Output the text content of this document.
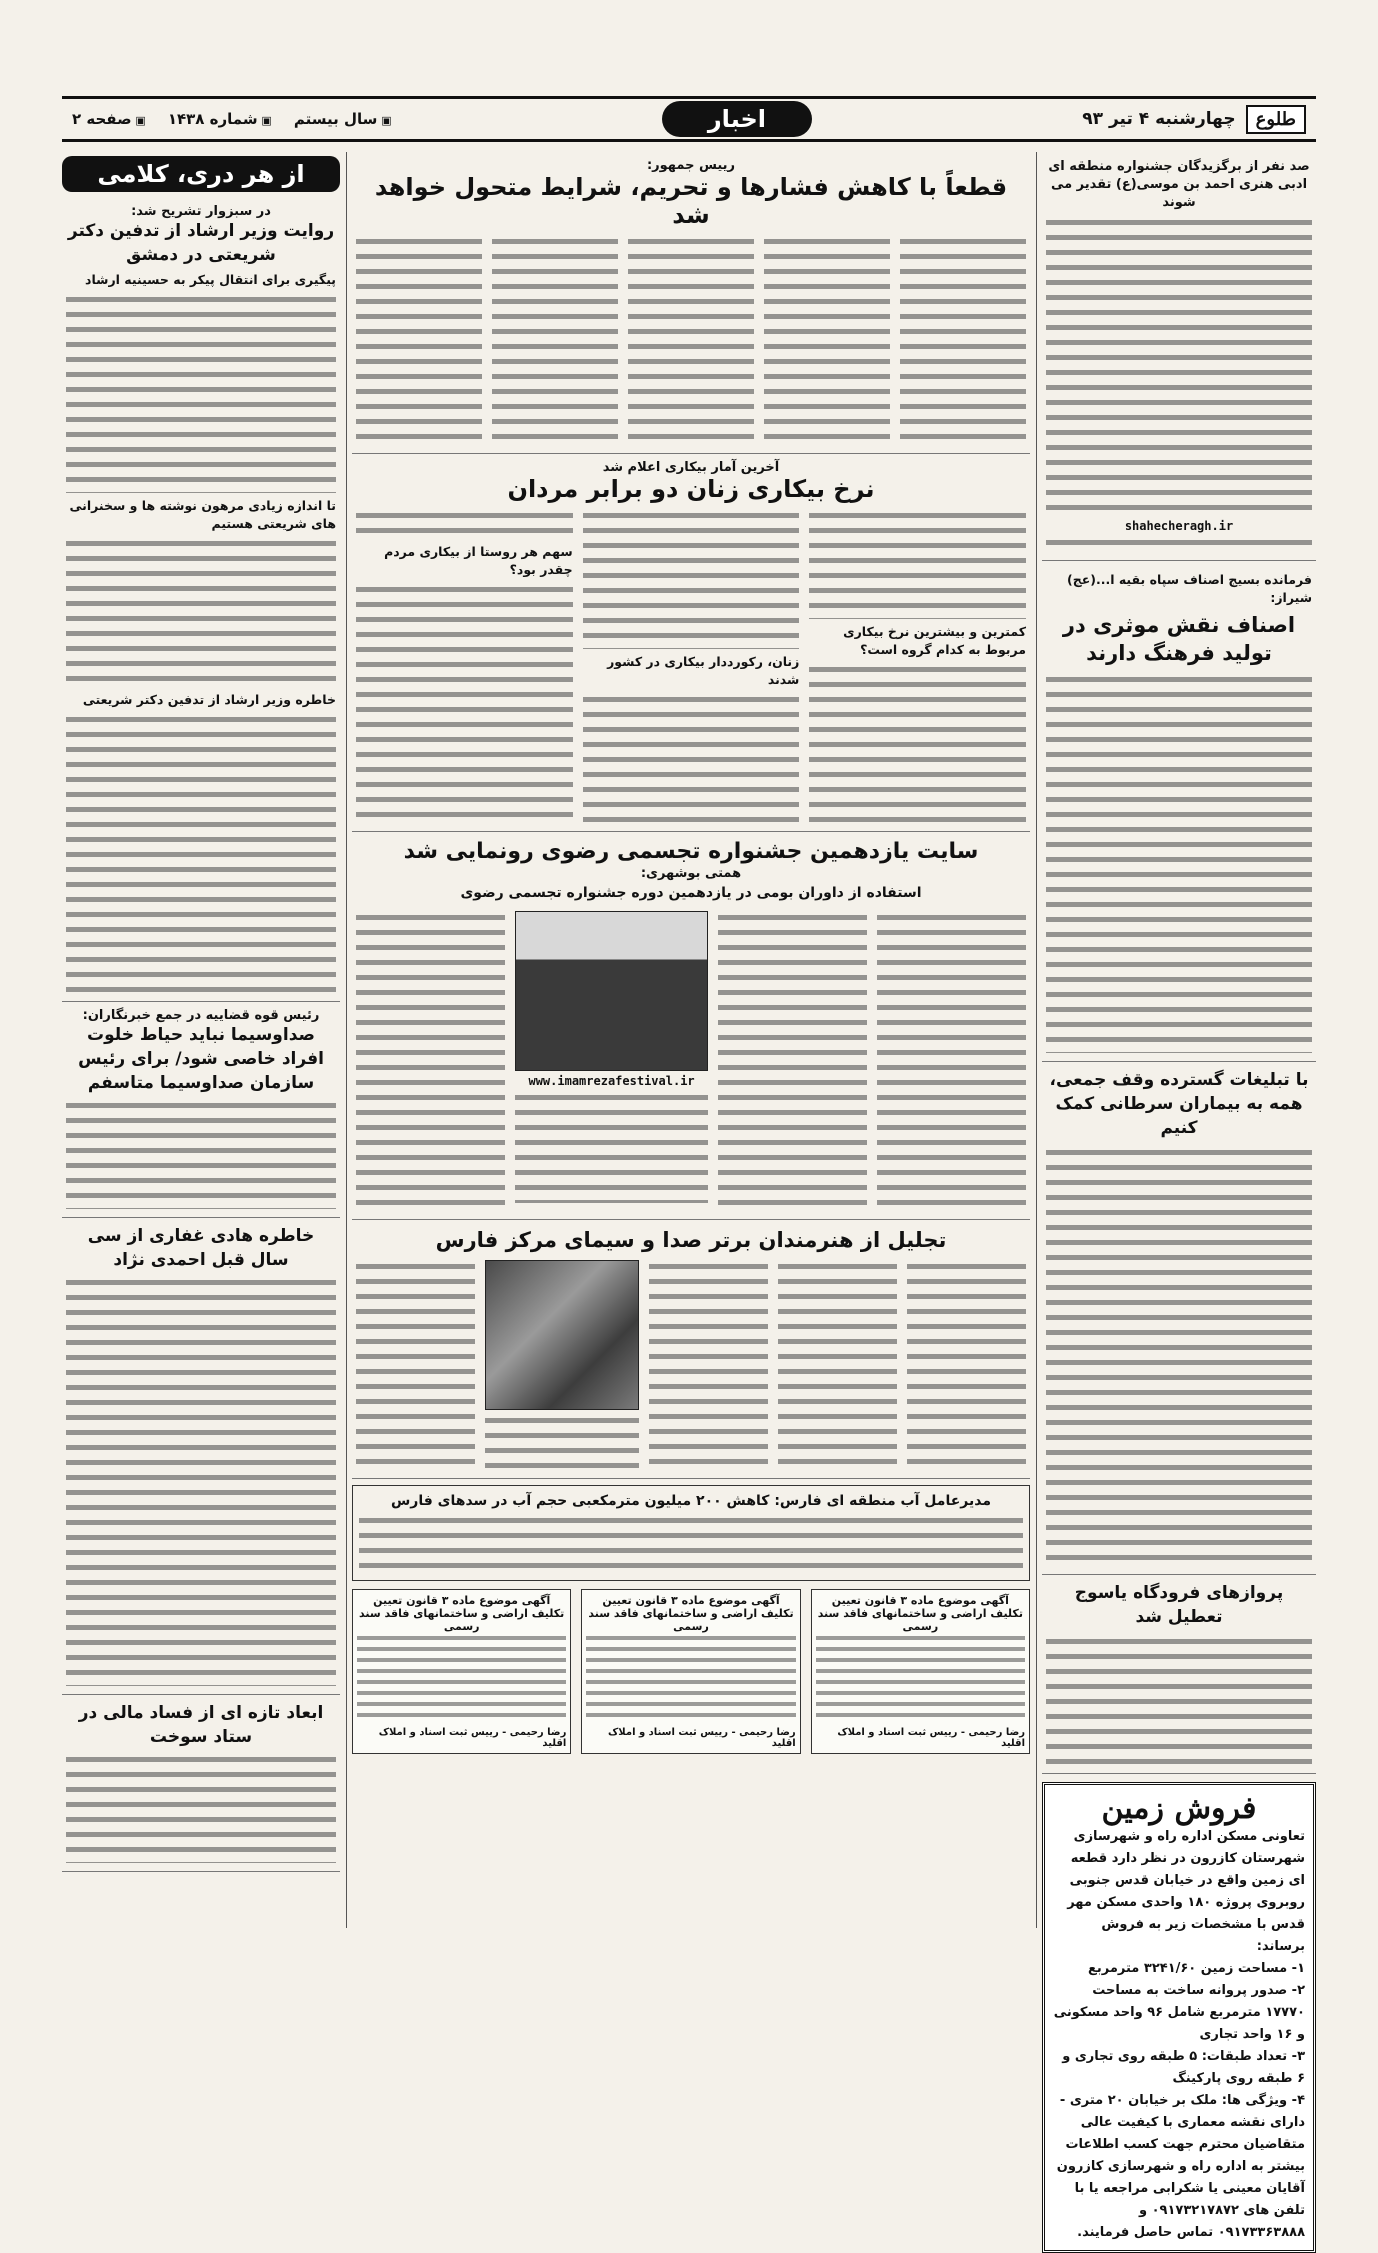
طلوع
چهارشنبه ۴ تیر ۹۳
اخبار
▣ سال بیستم
▣ شماره ۱۴۳۸
▣ صفحه ۲
صد نفر از برگزیدگان جشنواره منطقه ای
ادبی هنری احمد بن موسی(ع) تقدیر می شوند
shahecheragh.ir
فرمانده بسیج اصناف سپاه بقیه ا...(عج) شیراز:
اصناف نقش موثری در تولید فرهنگ دارند
با تبلیغات گسترده وقف جمعی، همه به بیماران سرطانی کمک کنیم
پروازهای فرودگاه یاسوج تعطیل شد
فروش زمین

تعاونی مسکن اداره راه و شهرسازی شهرستان کازرون در نظر دارد قطعه ای زمین واقع در خیابان قدس جنوبی روبروی پروژه ۱۸۰ واحدی مسکن مهر قدس با مشخصات زیر به فروش برساند:

۱- مساحت زمین ۳۲۴۱/۶۰ مترمربع

۲- صدور پروانه ساخت به مساحت ۱۷۷۷۰ مترمربع شامل ۹۶ واحد مسکونی و ۱۶ واحد تجاری

۳- تعداد طبقات: ۵ طبقه روی تجاری و ۶ طبقه روی پارکینگ

۴- ویژگی ها: ملک بر خیابان ۲۰ متری - دارای نقشه معماری با کیفیت عالی

متقاضیان محترم جهت کسب اطلاعات بیشتر به اداره راه و شهرسازی کازرون آقایان معینی یا شکرابی مراجعه یا با تلفن های ۰۹۱۷۳۲۱۷۸۷۲ و ۰۹۱۷۳۳۶۳۸۸۸ تماس حاصل فرمایند.

رییس جمهور:
قطعاً با کاهش فشارها و تحریم، شرایط متحول خواهد شد
آخرین آمار بیکاری اعلام شد
نرخ بیکاری زنان دو برابر مردان
کمترین و بیشترین نرخ بیکاری مربوط به کدام گروه است؟
زنان، رکورددار بیکاری در کشور شدند
سهم هر روستا از بیکاری مردم چقدر بود؟
سایت یازدهمین جشنواره تجسمی رضوی رونمایی شد
همتی بوشهری:
استفاده از داوران بومی در یازدهمین دوره جشنواره تجسمی رضوی
www.imamrezafestival.ir
تجلیل از هنرمندان برتر صدا و سیمای مرکز فارس
مدیرعامل آب منطقه ای فارس: کاهش ۲۰۰ میلیون مترمکعبی حجم آب در سدهای فارس
آگهی موضوع ماده ۳ قانون تعیین تکلیف اراضی و ساختمانهای فاقد سند رسمی
رضا رحیمی - رییس ثبت اسناد و املاک اقلید
آگهی موضوع ماده ۳ قانون تعیین تکلیف اراضی و ساختمانهای فاقد سند رسمی
رضا رحیمی - رییس ثبت اسناد و املاک اقلید
آگهی موضوع ماده ۳ قانون تعیین تکلیف اراضی و ساختمانهای فاقد سند رسمی
رضا رحیمی - رییس ثبت اسناد و املاک اقلید
از هر دری، کلامی
در سبزوار تشریح شد:
روایت وزیر ارشاد از تدفین دکتر شریعتی در دمشق
پیگیری برای انتقال پیکر به حسینیه ارشاد
تا اندازه زیادی مرهون نوشته ها و سخنرانی های شریعتی هستیم
خاطره وزیر ارشاد از تدفین دکتر شریعتی
رئیس قوه قضاییه در جمع خبرنگاران:
صداوسیما نباید حیاط خلوت افراد خاصی شود/ برای رئیس سازمان صداوسیما متاسفم
خاطره هادی غفاری از سی سال قبل احمدی نژاد
ابعاد تازه ای از فساد مالی در ستاد سوخت
